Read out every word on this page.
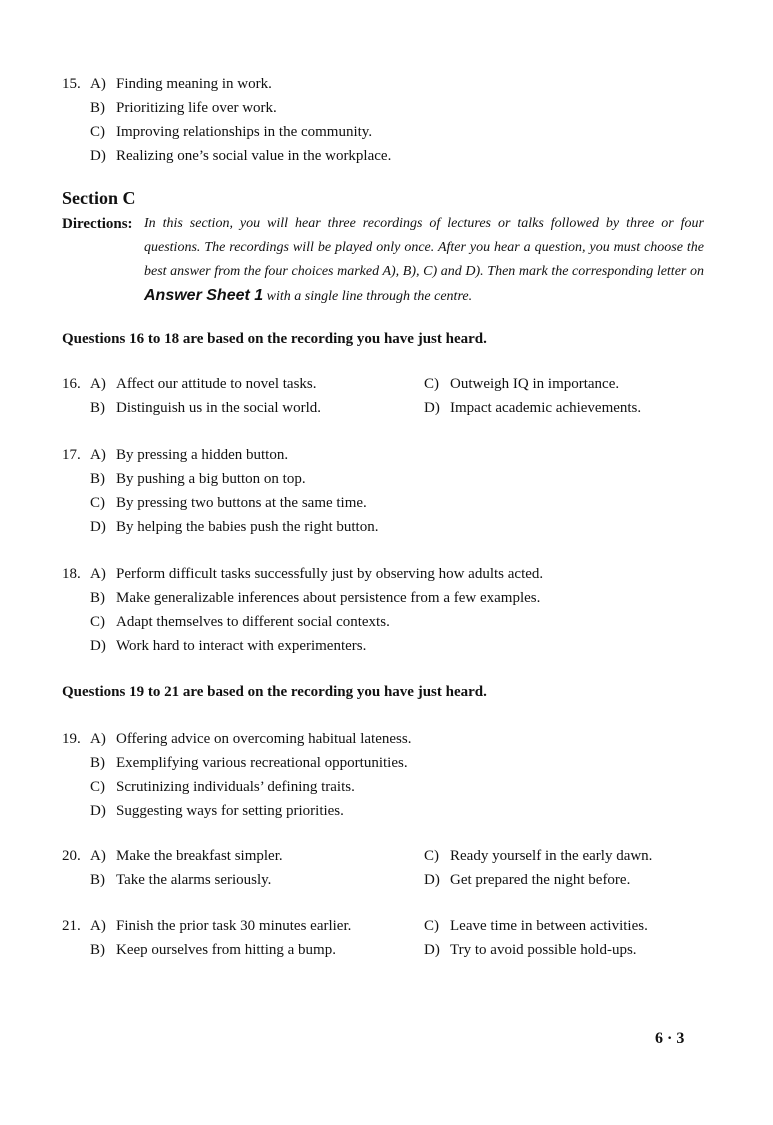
15. A) Finding meaning in work.
B) Prioritizing life over work.
C) Improving relationships in the community.
D) Realizing one’s social value in the workplace.
Section C
Directions: In this section, you will hear three recordings of lectures or talks followed by three or four questions. The recordings will be played only once. After you hear a question, you must choose the best answer from the four choices marked A), B), C) and D). Then mark the corresponding letter on Answer Sheet 1 with a single line through the centre.
Questions 16 to 18 are based on the recording you have just heard.
16. A) Affect our attitude to novel tasks.	C) Outweigh IQ in importance.
B) Distinguish us in the social world.	D) Impact academic achievements.
17. A) By pressing a hidden button.
B) By pushing a big button on top.
C) By pressing two buttons at the same time.
D) By helping the babies push the right button.
18. A) Perform difficult tasks successfully just by observing how adults acted.
B) Make generalizable inferences about persistence from a few examples.
C) Adapt themselves to different social contexts.
D) Work hard to interact with experimenters.
Questions 19 to 21 are based on the recording you have just heard.
19. A) Offering advice on overcoming habitual lateness.
B) Exemplifying various recreational opportunities.
C) Scrutinizing individuals’ defining traits.
D) Suggesting ways for setting priorities.
20. A) Make the breakfast simpler.	C) Ready yourself in the early dawn.
B) Take the alarms seriously.	D) Get prepared the night before.
21. A) Finish the prior task 30 minutes earlier.	C) Leave time in between activities.
B) Keep ourselves from hitting a bump.	D) Try to avoid possible hold-ups.
6 · 3
